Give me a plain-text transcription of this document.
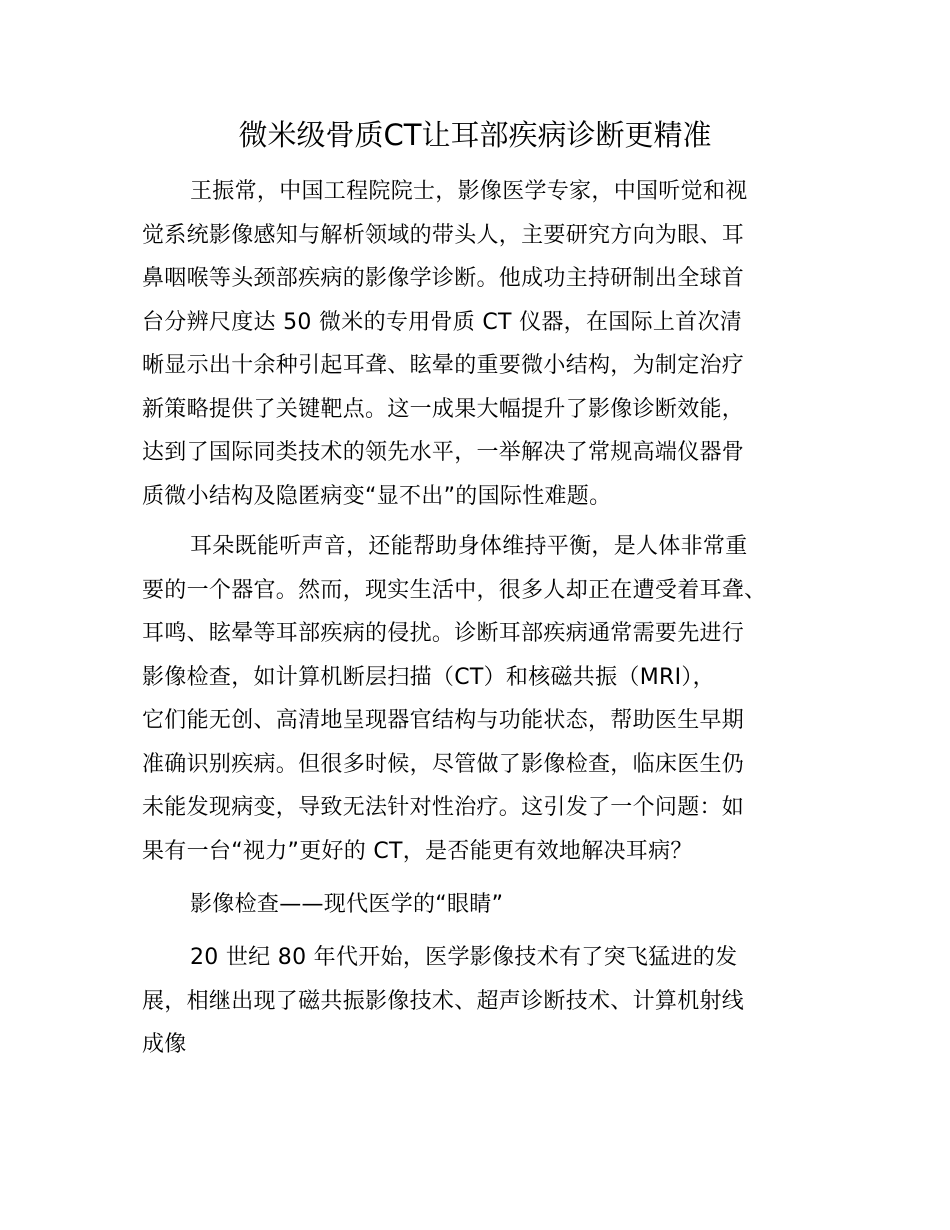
微米级骨质CT让耳部疾病诊断更精准
王振常，中国工程院院士，影像医学专家，中国听觉和视
觉系统影像感知与解析领域的带头人，主要研究方向为眼、耳
鼻咽喉等头颈部疾病的影像学诊断。他成功主持研制出全球首
台分辨尺度达 50 微米的专用骨质 CT 仪器，在国际上首次清
晰显示出十余种引起耳聋、眩晕的重要微小结构，为制定治疗
新策略提供了关键靶点。这一成果大幅提升了影像诊断效能，
达到了国际同类技术的领先水平，一举解决了常规高端仪器骨
质微小结构及隐匿病变“显不出”的国际性难题。
耳朵既能听声音，还能帮助身体维持平衡，是人体非常重
要的一个器官。然而，现实生活中，很多人却正在遭受着耳聋、
耳鸣、眩晕等耳部疾病的侵扰。诊断耳部疾病通常需要先进行
影像检查，如计算机断层扫描（CT）和核磁共振（MRI），
它们能无创、高清地呈现器官结构与功能状态，帮助医生早期
准确识别疾病。但很多时候，尽管做了影像检查，临床医生仍
未能发现病变，导致无法针对性治疗。这引发了一个问题：如
果有一台“视力”更好的 CT，是否能更有效地解决耳病？
影像检查——现代医学的“眼睛”
20 世纪 80 年代开始，医学影像技术有了突飞猛进的发
展，相继出现了磁共振影像技术、超声诊断技术、计算机射线
成像
